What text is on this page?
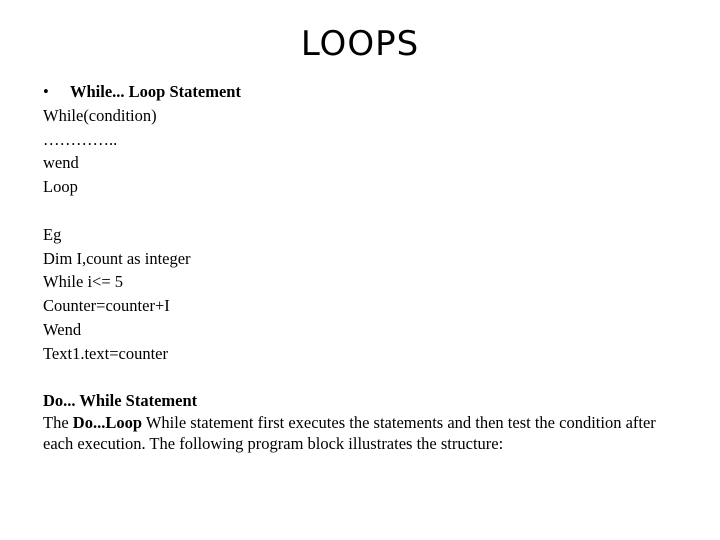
LOOPS
• While... Loop Statement
While(condition)
…………..
wend
Loop
Eg
Dim I,count as integer
While i<= 5
Counter=counter+I
Wend
Text1.text=counter
Do... While Statement
The Do...Loop While statement first executes the statements and then test the condition after each execution. The following program block illustrates the structure:
